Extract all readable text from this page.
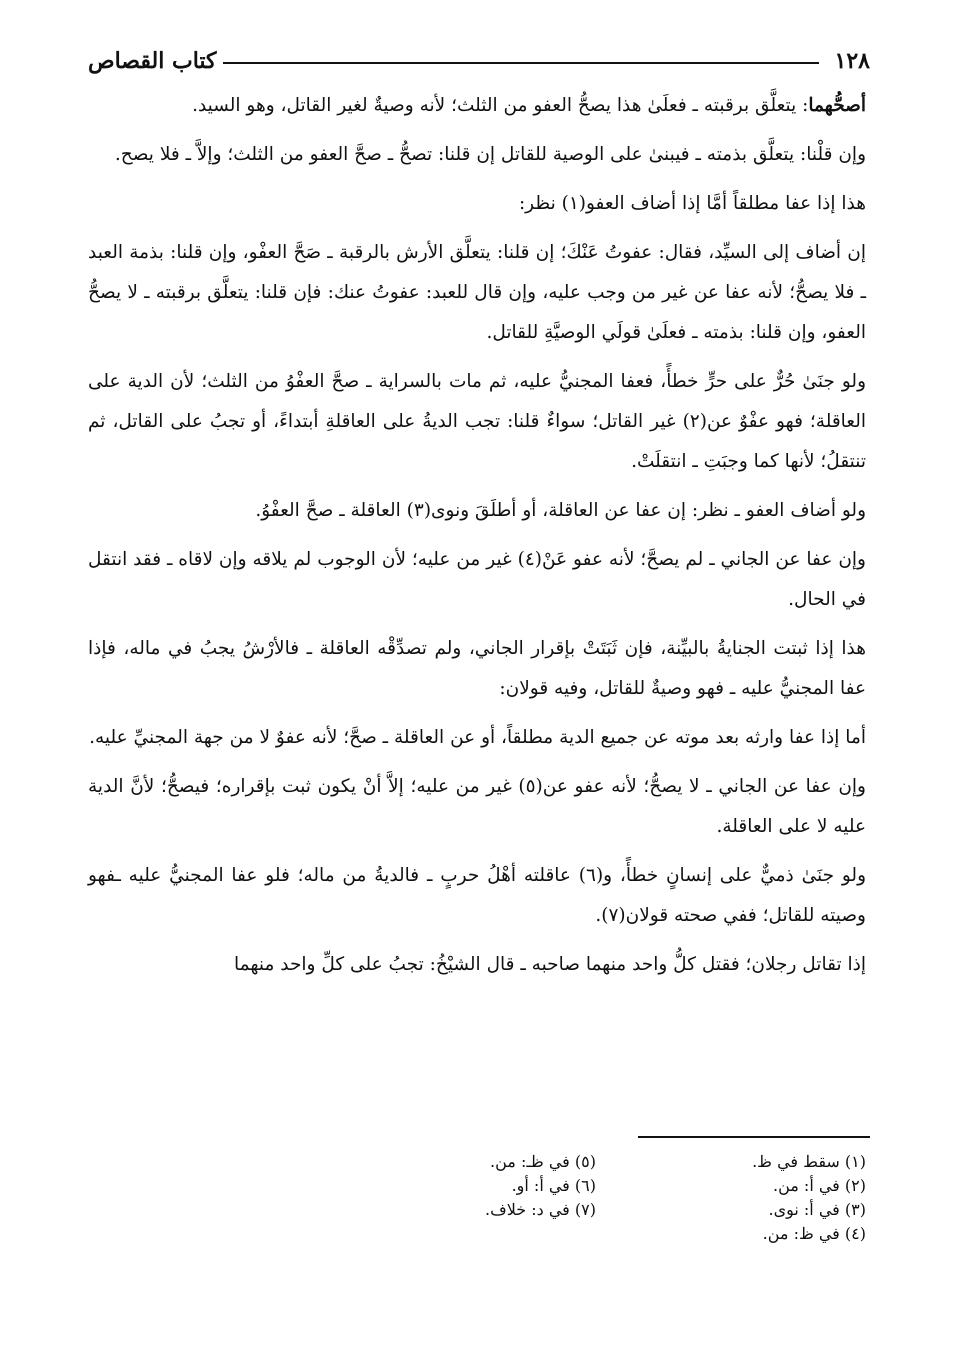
١٢٨
كتاب القصاص

أصحُّهما: يتعلَّق برقبته ـ فعلَىٰ هذا يصحُّ العفو من الثلث؛ لأنه وصيةٌ لغير القاتل، وهو السيد.

وإن قلْنا: يتعلَّق بذمته ـ فيبنىٰ على الوصية للقاتل إن قلنا: تصحُّ ـ صحَّ العفو من الثلث؛ وإلاَّ ـ فلا يصح.

هذا إذا عفا مطلقاً أمَّا إذا أضاف العفو(١) نظر:

إن أضاف إلى السيِّد، فقال: عفوتُ عَنْكَ؛ إن قلنا: يتعلَّق الأرش بالرقبة ـ صَحَّ العفْو، وإن قلنا: بذمة العبد ـ فلا يصحُّ؛ لأنه عفا عن غير من وجب عليه، وإن قال للعبد: عفوتُ عنك: فإن قلنا: يتعلَّق برقبته ـ لا يصحُّ العفو، وإن قلنا: بذمته ـ فعلَىٰ قولَي الوصيَّةِ للقاتل.

ولو جنَىٰ حُرٌّ على حرٍّ خطأً، فعفا المجنيُّ عليه، ثم مات بالسراية ـ صحَّ العفْوُ من الثلث؛ لأن الدية على العاقلة؛ فهو عفْوٌ عن(٢) غير القاتل؛ سواءٌ قلنا: تجب الديةُ على العاقلةِ أبتداءً، أو تجبُ على القاتل، ثم تنتقلُ؛ لأنها كما وجبَتِ ـ انتقلَتْ.

ولو أضاف العفو ـ نظر: إن عفا عن العاقلة، أو أطلَقَ ونوى(٣) العاقلة ـ صحَّ العفْوُ.

وإن عفا عن الجاني ـ لم يصحَّ؛ لأنه عفو عَنْ(٤) غير من عليه؛ لأن الوجوب لم يلاقه وإن لاقاه ـ فقد انتقل في الحال.

هذا إذا ثبتت الجنايةُ بالبيِّنة، فإن ثَبَتَتْ بإقرار الجاني، ولم تصدِّقْه العاقلة ـ فالأرْشُ يجبُ في ماله، فإذا عفا المجنيُّ عليه ـ فهو وصيةٌ للقاتل، وفيه قولان:

أما إذا عفا وارثه بعد موته عن جميع الدية مطلقاً، أو عن العاقلة ـ صحَّ؛ لأنه عفوٌ لا من جهة المجنيِّ عليه.

وإن عفا عن الجاني ـ لا يصحُّ؛ لأنه عفو عن(٥) غير من عليه؛ إلاَّ أنْ يكون ثبت بإقراره؛ فيصحُّ؛ لأنَّ الدية عليه لا على العاقلة.

ولو جنَىٰ ذميٌّ على إنسانٍ خطأً، و(٦) عاقلته أهْلُ حربٍ ـ فالديةُ من ماله؛ فلو عفا المجنيُّ عليه ـفهو وصيته للقاتل؛ ففي صحته قولان(٧).

إذا تقاتل رجلان؛ فقتل كلُّ واحد منهما صاحبه ـ قال الشيْخُ: تجبُ على كلِّ واحد منهما

(١) سقط في ظ.
(٢) في أ: من.
(٣) في أ: نوى.
(٤) في ظ: من.
(٥) في ظـ: من.
(٦) في أ: أو.
(٧) في د: خلاف.
